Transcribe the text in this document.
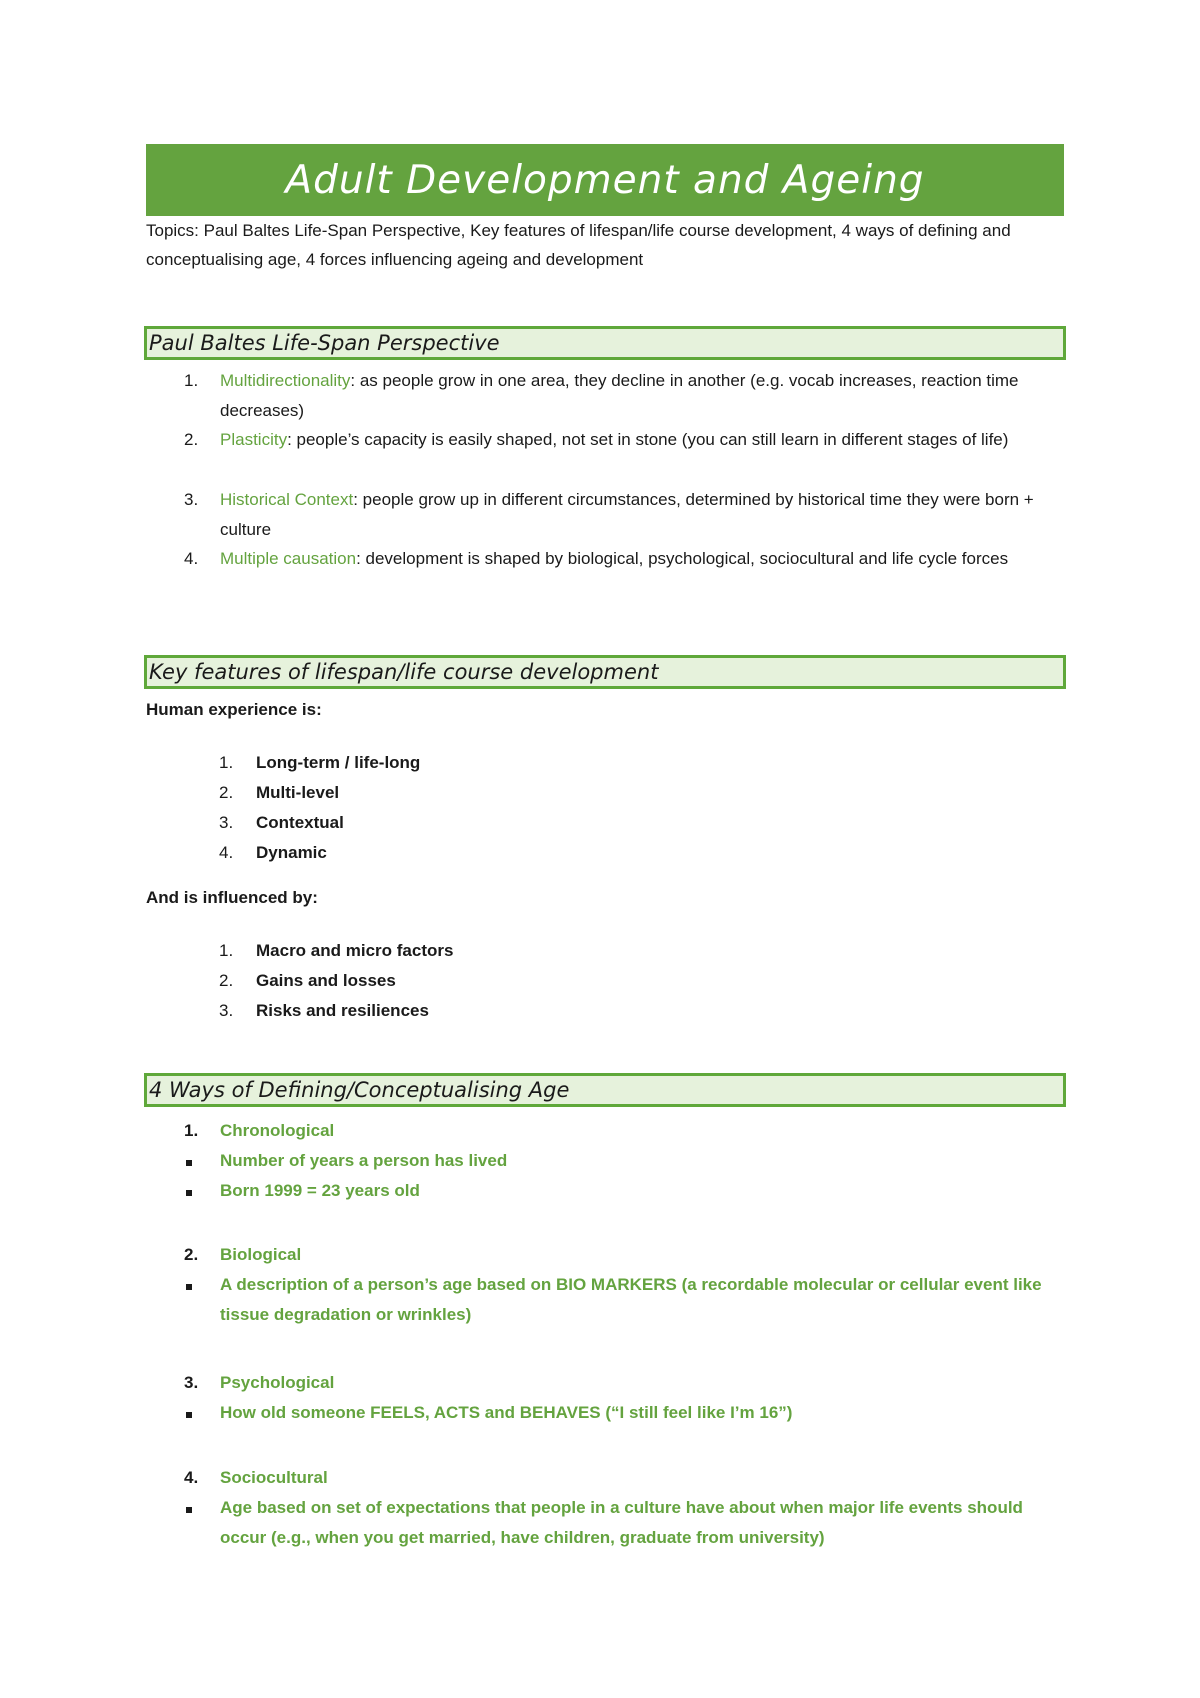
Adult Development and Ageing
Topics: Paul Baltes Life-Span Perspective, Key features of lifespan/life course development, 4 ways of defining and conceptualising age, 4 forces influencing ageing and development
Paul Baltes Life-Span Perspective
1. Multidirectionality: as people grow in one area, they decline in another (e.g. vocab increases, reaction time decreases)
2. Plasticity: people’s capacity is easily shaped, not set in stone (you can still learn in different stages of life)
3. Historical Context: people grow up in different circumstances, determined by historical time they were born + culture
4. Multiple causation: development is shaped by biological, psychological, sociocultural and life cycle forces
Key features of lifespan/life course development
Human experience is:
1. Long-term / life-long
2. Multi-level
3. Contextual
4. Dynamic
And is influenced by:
1. Macro and micro factors
2. Gains and losses
3. Risks and resiliences
4 Ways of Defining/Conceptualising Age
1. Chronological
Number of years a person has lived
Born 1999 = 23 years old
2. Biological
A description of a person’s age based on BIO MARKERS (a recordable molecular or cellular event like tissue degradation or wrinkles)
3. Psychological
How old someone FEELS, ACTS and BEHAVES (“I still feel like I’m 16”)
4. Sociocultural
Age based on set of expectations that people in a culture have about when major life events should occur (e.g., when you get married, have children, graduate from university)
